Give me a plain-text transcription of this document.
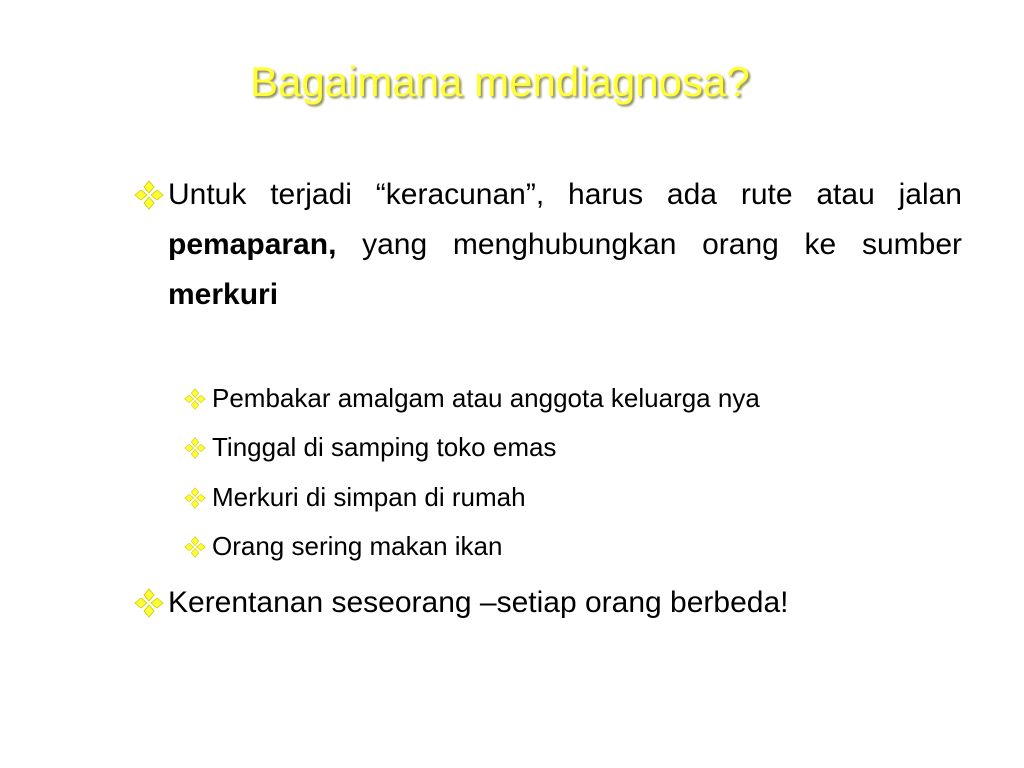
Bagaimana mendiagnosa?
Untuk terjadi “keracunan”, harus ada rute atau jalan pemaparan, yang menghubungkan orang ke sumber merkuri
Pembakar amalgam atau anggota keluarga nya
Tinggal di samping toko emas
Merkuri di simpan di rumah
Orang sering makan ikan
Kerentanan seseorang –setiap orang berbeda!
